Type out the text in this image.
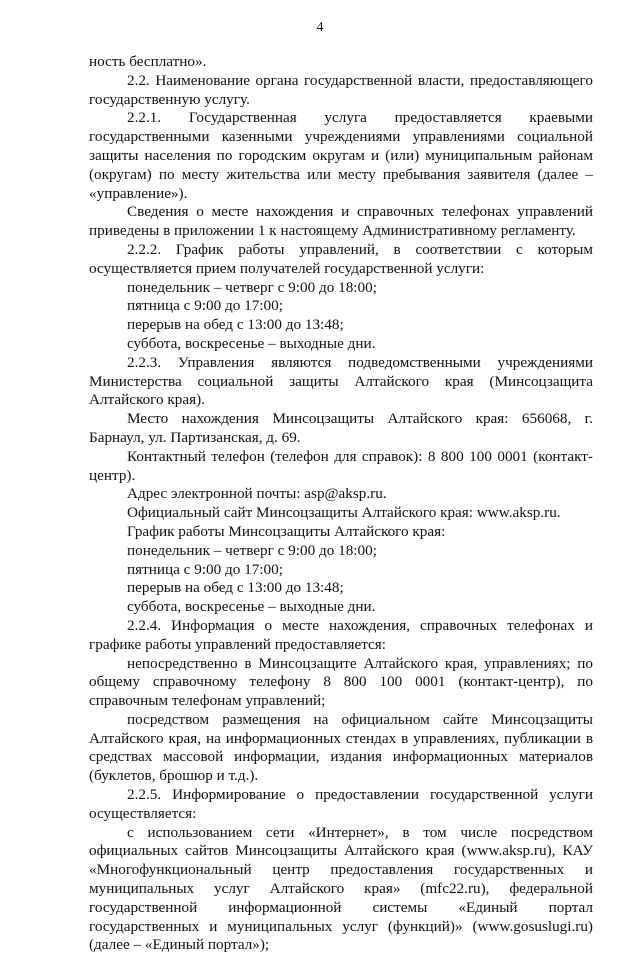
4

ность бесплатно».

2.2. Наименование органа государственной власти, предоставляющего государственную услугу.

2.2.1. Государственная услуга предоставляется краевыми государственными казенными учреждениями управлениями социальной защиты населения по городским округам и (или) муниципальным районам (округам) по месту жительства или месту пребывания заявителя (далее – «управление»).

Сведения о месте нахождения и справочных телефонах управлений приведены в приложении 1 к настоящему Административному регламенту.

2.2.2. График работы управлений, в соответствии с которым осуществляется прием получателей государственной услуги:

понедельник – четверг с 9:00 до 18:00;

пятница с 9:00 до 17:00;

перерыв на обед с 13:00 до 13:48;

суббота, воскресенье – выходные дни.

2.2.3. Управления являются подведомственными учреждениями Министерства социальной защиты Алтайского края (Минсоцзащита Алтайского края).

Место нахождения Минсоцзащиты Алтайского края: 656068, г. Барнаул, ул. Партизанская, д. 69.

Контактный телефон (телефон для справок): 8 800 100 0001 (контакт-центр).

Адрес электронной почты: asp@aksp.ru.

Официальный сайт Минсоцзащиты Алтайского края: www.aksp.ru.

График работы Минсоцзащиты Алтайского края:

понедельник – четверг с 9:00 до 18:00;

пятница с 9:00 до 17:00;

перерыв на обед с 13:00 до 13:48;

суббота, воскресенье – выходные дни.

2.2.4. Информация о месте нахождения, справочных телефонах и графике работы управлений предоставляется:

непосредственно в Минсоцзащите Алтайского края, управлениях; по общему справочному телефону 8 800 100 0001 (контакт-центр), по справочным телефонам управлений;

посредством размещения на официальном сайте Минсоцзащиты Алтайского края, на информационных стендах в управлениях, публикации в средствах массовой информации, издания информационных материалов (буклетов, брошюр и т.д.).

2.2.5. Информирование о предоставлении государственной услуги осуществляется:

с использованием сети «Интернет», в том числе посредством официальных сайтов Минсоцзащиты Алтайского края (www.aksp.ru), КАУ «Многофункциональный центр предоставления государственных и муниципальных услуг Алтайского края» (mfc22.ru), федеральной государственной информационной системы «Единый портал государственных и муниципальных услуг (функций)» (www.gosuslugi.ru) (далее – «Единый портал»);
